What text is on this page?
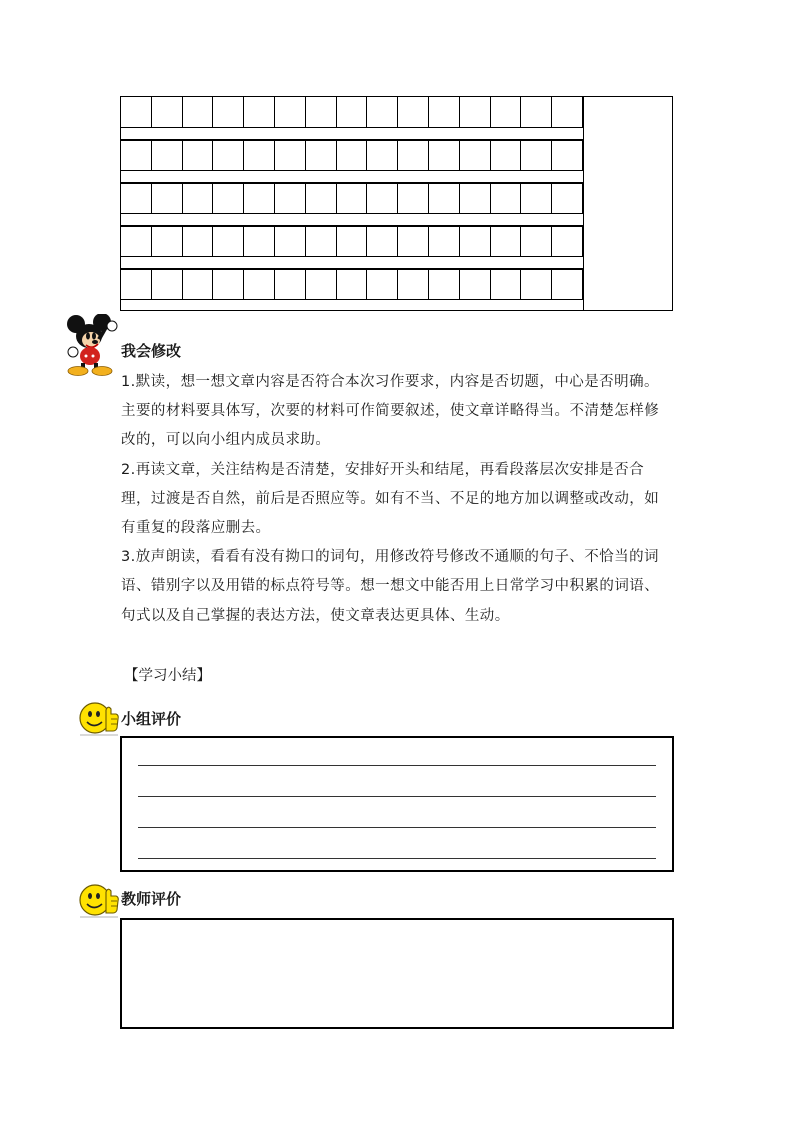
我会修改

1.默读，想一想文章内容是否符合本次习作要求，内容是否切题，中心是否明确。主要的材料要具体写，次要的材料可作简要叙述，使文章详略得当。不清楚怎样修改的，可以向小组内成员求助。

2.再读文章，关注结构是否清楚，安排好开头和结尾，再看段落层次安排是否合理，过渡是否自然，前后是否照应等。如有不当、不足的地方加以调整或改动，如有重复的段落应删去。

3.放声朗读，看看有没有拗口的词句，用修改符号修改不通顺的句子、不恰当的词语、错别字以及用错的标点符号等。想一想文中能否用上日常学习中积累的词语、句式以及自己掌握的表达方法，使文章表达更具体、生动。

【学习小结】
小组评价
教师评价
